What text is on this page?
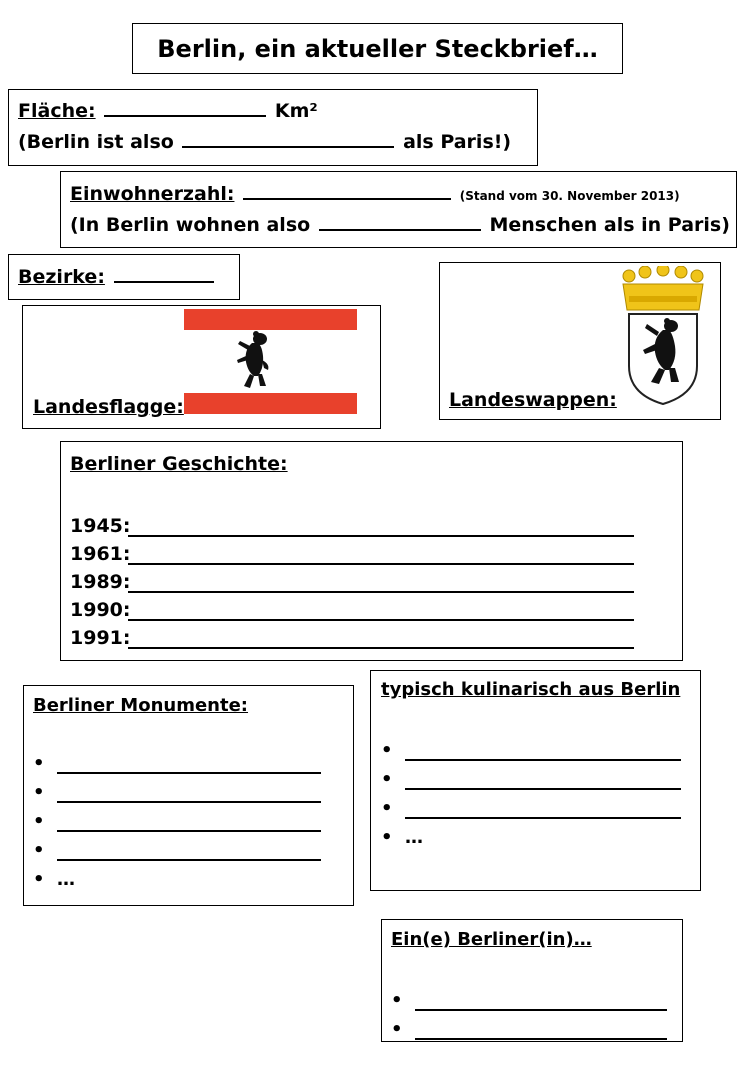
Berlin, ein aktueller Steckbrief…
Fläche:	Km²
(Berlin ist also	als Paris!)
Einwohnerzahl:	(Stand vom 30. November 2013)
(In Berlin wohnen also	Menschen als in Paris)
Bezirke:
Landesflagge:	Landeswappen:
Berliner Geschichte:
1945:
1961:
1989:
1990:
1991:
Berliner Monumente:
•
•
•
•
• …
typisch kulinarisch aus Berlin
•
•
•
• …
Ein(e) Berliner(in)…
•
•
